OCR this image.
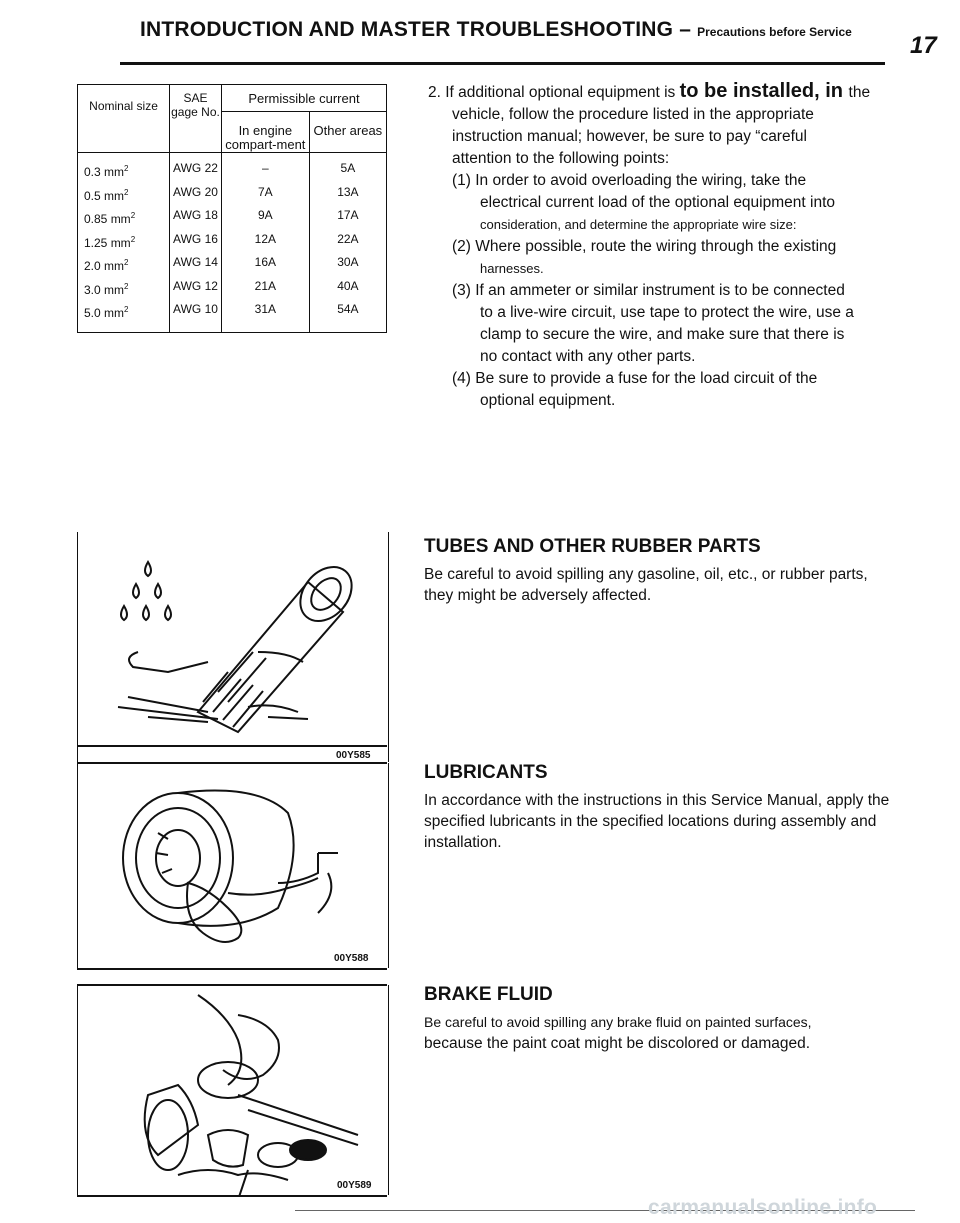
INTRODUCTION AND MASTER TROUBLESHOOTING – Precautions before Service 17
Nominal size	SAE gage No.	Permissible current	
		In engine compart-ment	Other areas
0.3 $mm^2$	AWG 22	–	5A
0.5 $mm^2$	AWG 20	7A	13A
0.85 $mm^2$	AWG 18	9A	17A
1.25 $mm^2$	AWG 16	12A	22A
2.0 $mm^2$	AWG 14	16A	30A
3.0 $mm^2$	AWG 12	21A	40A
5.0 $mm^2$	AWG 10	31A	54A
2. If additional optional equipment is to be installed, in the
vehicle, follow the procedure listed in the appropriate
instruction manual; however, be sure to pay “careful
attention to the following points:
(1) In order to avoid overloading the wiring, take the
electrical current load of the optional equipment into
consideration, and determine the appropriate wire size:
(2) Where possible, route the wiring through the existing
harnesses.
(3) If an ammeter or similar instrument is to be connected
to a live-wire circuit, use tape to protect the wire, use a
clamp to secure the wire, and make sure that there is
no contact with any other parts.
(4) Be sure to provide a fuse for the load circuit of the
optional equipment.
00Y585
00Y588
00Y589
TUBES AND OTHER RUBBER PARTS

Be careful to avoid spilling any gasoline, oil, etc., or rubber parts, they might be adversely affected.

LUBRICANTS

In accordance with the instructions in this Service Manual, apply the specified lubricants in the specified locations during assembly and installation.

BRAKE FLUID
Be careful to avoid spilling any brake fluid on painted surfaces,
because the paint coat might be discolored or damaged.
carmanualsonline.info
